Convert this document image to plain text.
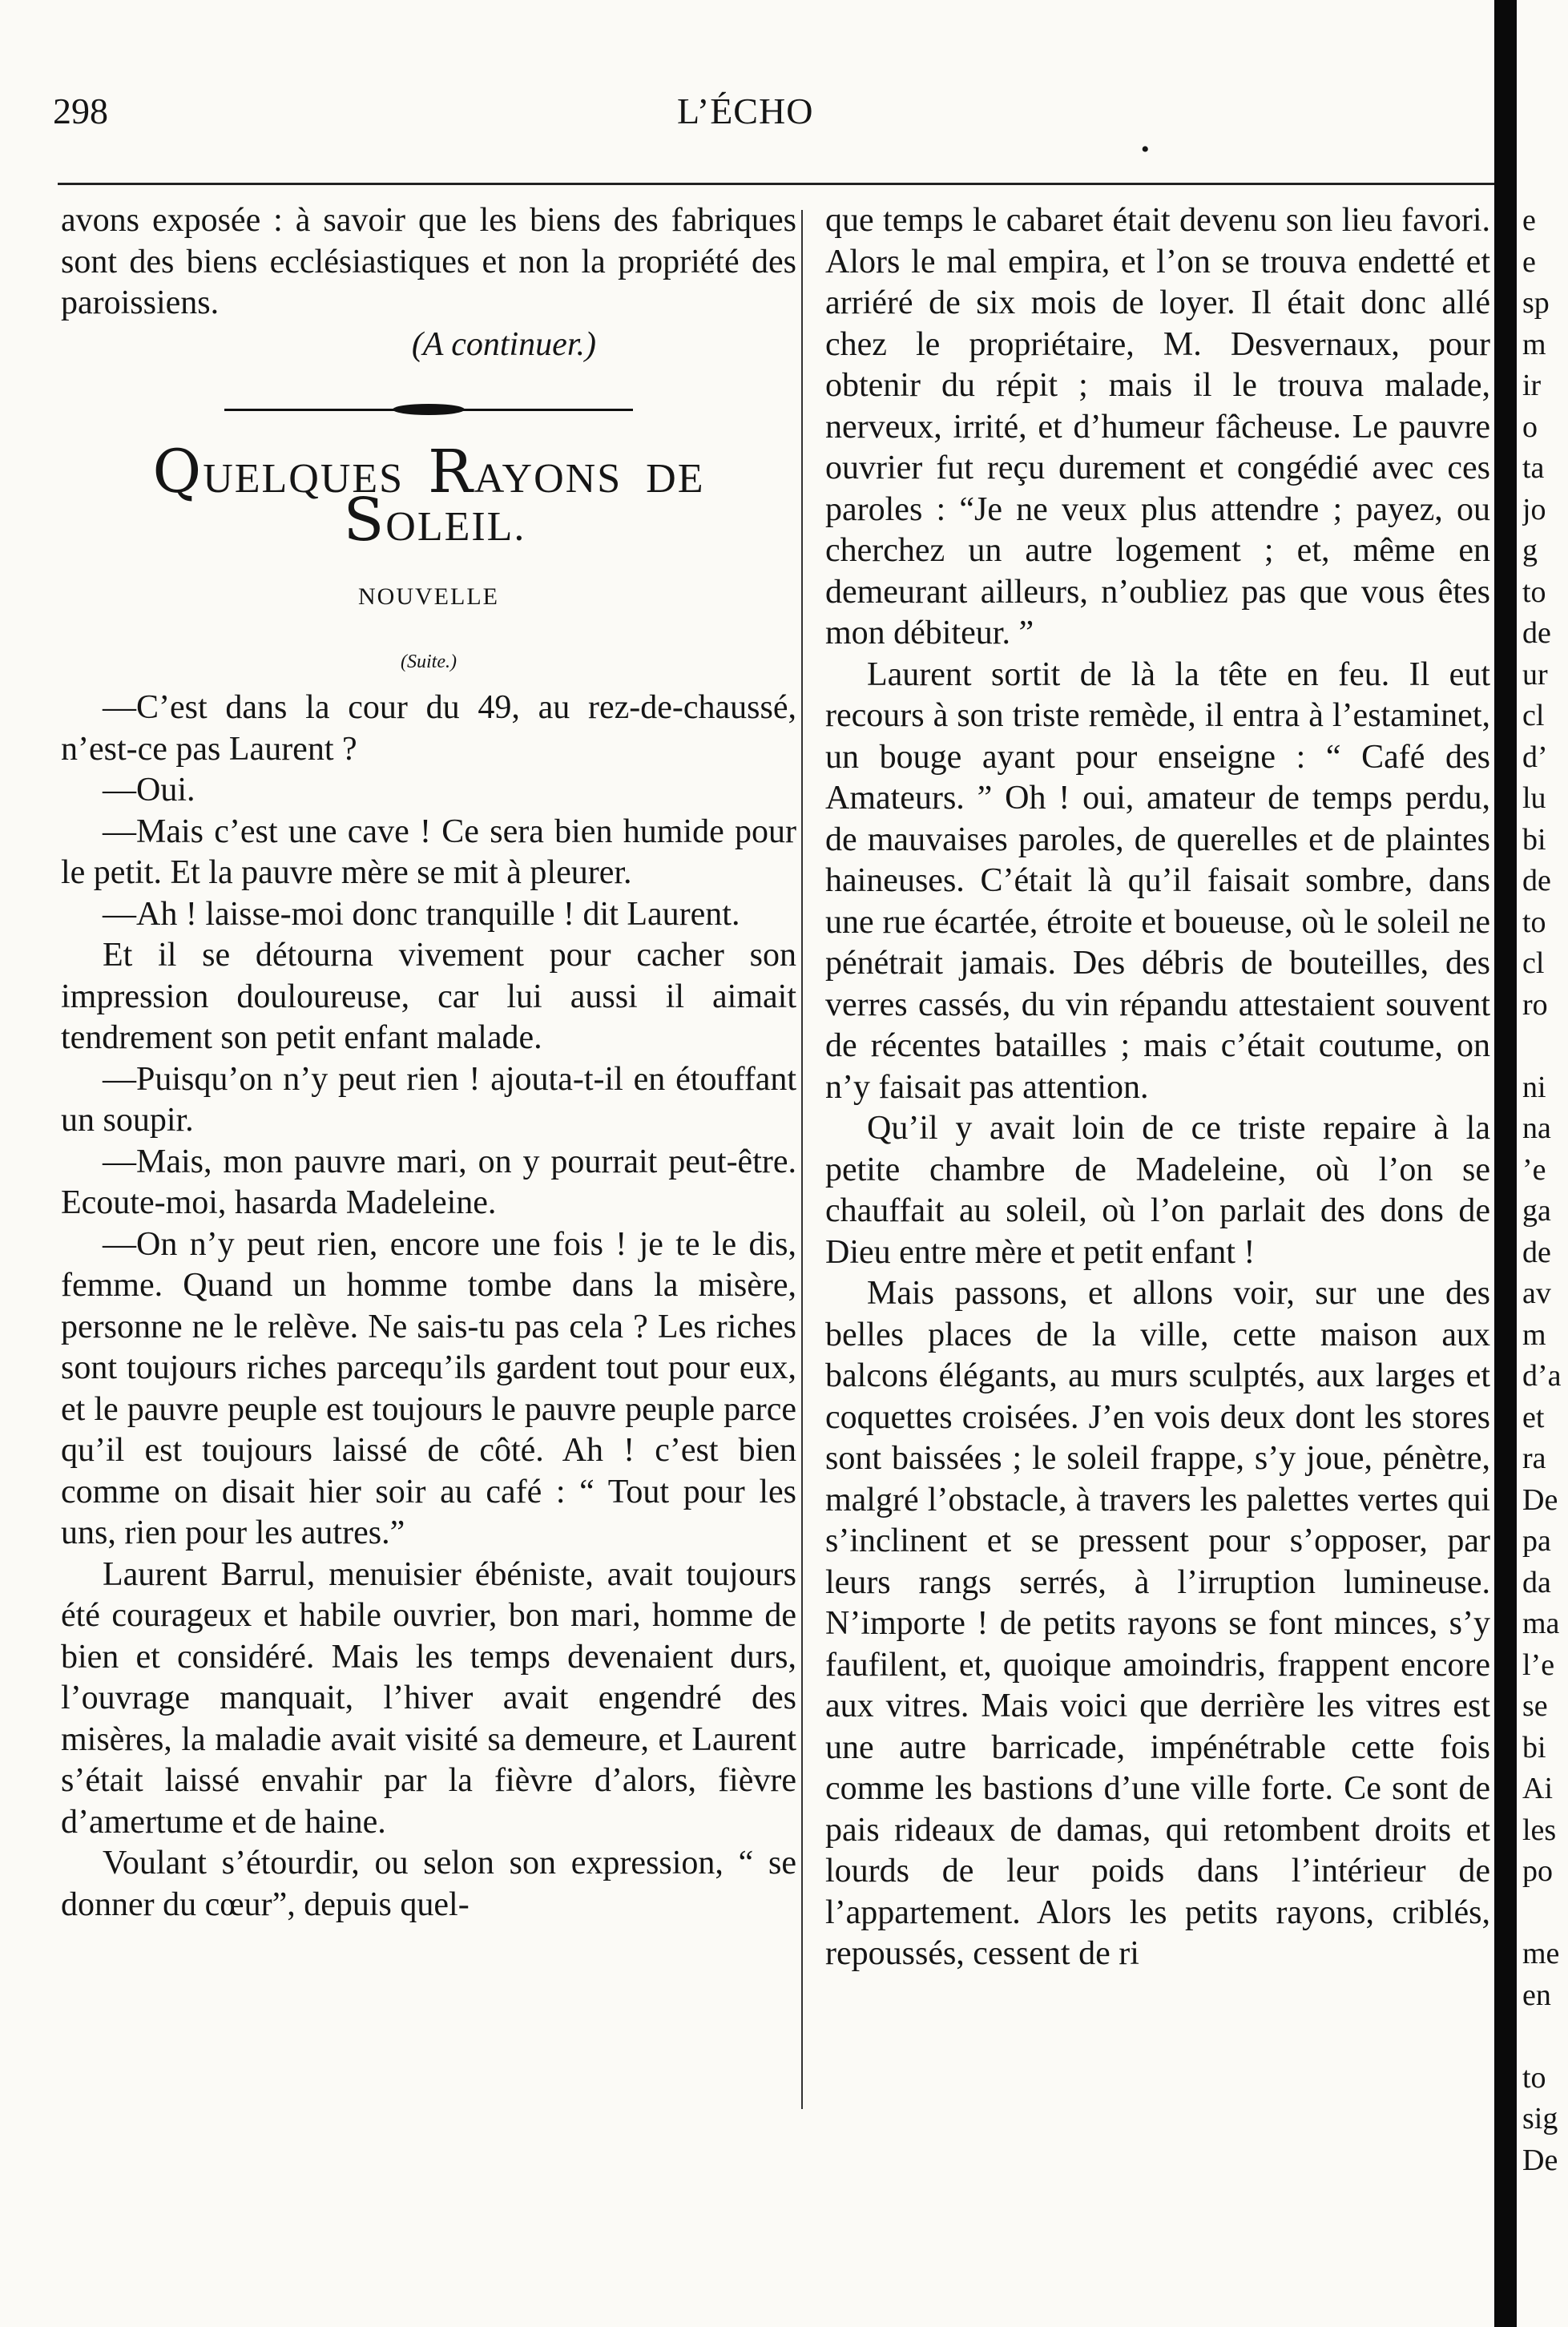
298	L’ÉCHO
•

avons exposée : à savoir que les biens des fabriques sont des biens ecclésiastiques et non la propriété des paroissiens.

(A continuer.)

QUELQUES RAYONS DE  SOLEIL.
NOUVELLE
(Suite.)

—C’est dans la cour du 49, au rez-de-chaussé, n’est-ce pas Laurent ?

—Oui.

—Mais c’est une cave ! Ce sera bien humide pour le petit. Et la pauvre mère se mit à pleurer.

—Ah ! laisse-moi donc tranquille ! dit Laurent.

Et il se détourna vivement pour cacher son impression douloureuse, car lui aussi il aimait tendrement son petit enfant malade.

—Puisqu’on n’y peut rien ! ajouta-t-il en étouffant un soupir.

—Mais, mon pauvre mari, on y pourrait peut-être. Ecoute-moi, hasarda Madeleine.

—On n’y peut rien, encore une fois ! je te le dis, femme. Quand un homme tombe dans la misère, personne ne le relève. Ne sais-tu pas cela ? Les riches sont toujours riches parcequ’ils gardent tout pour eux, et le pauvre peuple est toujours le pauvre peuple parce qu’il est toujours laissé de côté. Ah ! c’est bien comme on disait hier soir au café : “ Tout pour les uns, rien pour les autres.”

Laurent Barrul, menuisier ébéniste, avait toujours été courageux et habile ouvrier, bon mari, homme de bien et considéré. Mais les temps devenaient durs, l’ouvrage manquait, l’hiver avait engendré des misères, la maladie avait visité sa demeure, et Laurent s’était laissé envahir par la fièvre d’alors, fièvre d’amertume et de haine.

Voulant s’étourdir, ou selon son expression, “ se donner du cœur”, depuis quel-

que temps le cabaret était devenu son lieu favori. Alors le mal empira, et l’on se trouva endetté et arriéré de six mois de loyer. Il était donc allé chez le propriétaire, M. Desvernaux, pour obtenir du répit ; mais il le trouva malade, nerveux, irrité, et d’humeur fâcheuse. Le pauvre ouvrier fut reçu durement et congédié avec ces paroles : “Je ne veux plus attendre ; payez, ou cherchez un autre logement ; et, même en demeurant ailleurs, n’oubliez pas que vous êtes mon débiteur. ”

Laurent sortit de là la tête en feu. Il eut recours à son triste remède, il entra à l’estaminet, un bouge ayant pour enseigne : “ Café des Amateurs. ” Oh ! oui, amateur de temps perdu, de mauvaises paroles, de querelles et de plaintes haineuses. C’était là qu’il faisait sombre, dans une rue écartée, étroite et boueuse, où le soleil ne pénétrait jamais. Des débris de bouteilles, des verres cassés, du vin répandu attestaient souvent de récentes batailles ; mais c’était coutume, on n’y faisait pas attention.

Qu’il y avait loin de ce triste repaire à la petite chambre de Madeleine, où l’on se chauffait au soleil, où l’on parlait des dons de Dieu entre mère et petit enfant !

Mais passons, et allons voir, sur une des belles places de la ville, cette maison aux balcons élégants, au murs sculptés, aux larges et coquettes croisées. J’en vois deux dont les stores sont baissées ; le soleil frappe, s’y joue, pénètre, malgré l’obstacle, à travers les palettes vertes qui s’inclinent et se pressent pour s’opposer, par leurs rangs serrés, à l’irruption lumineuse. N’importe ! de petits rayons se font minces, s’y faufilent, et, quoique amoindris, frappent encore aux vitres. Mais voici que derrière les vitres est une autre barricade, impénétrable cette fois comme les bastions d’une ville forte. Ce sont de pais rideaux de damas, qui retombent droits et lourds de leur poids dans l’intérieur de l’appartement. Alors les petits rayons, criblés, repoussés, cessent de ri

e
e
sp
m
ir
o
ta
jo
g
to
de
ur
cl
d’
lu
bi
de
to
cl
ro

ni
na
’e
ga
de
av
m
d’a
et
ra
De
pa
da
ma
l’e
se
bi
Ai
les
po

me
en

to
sig
De
